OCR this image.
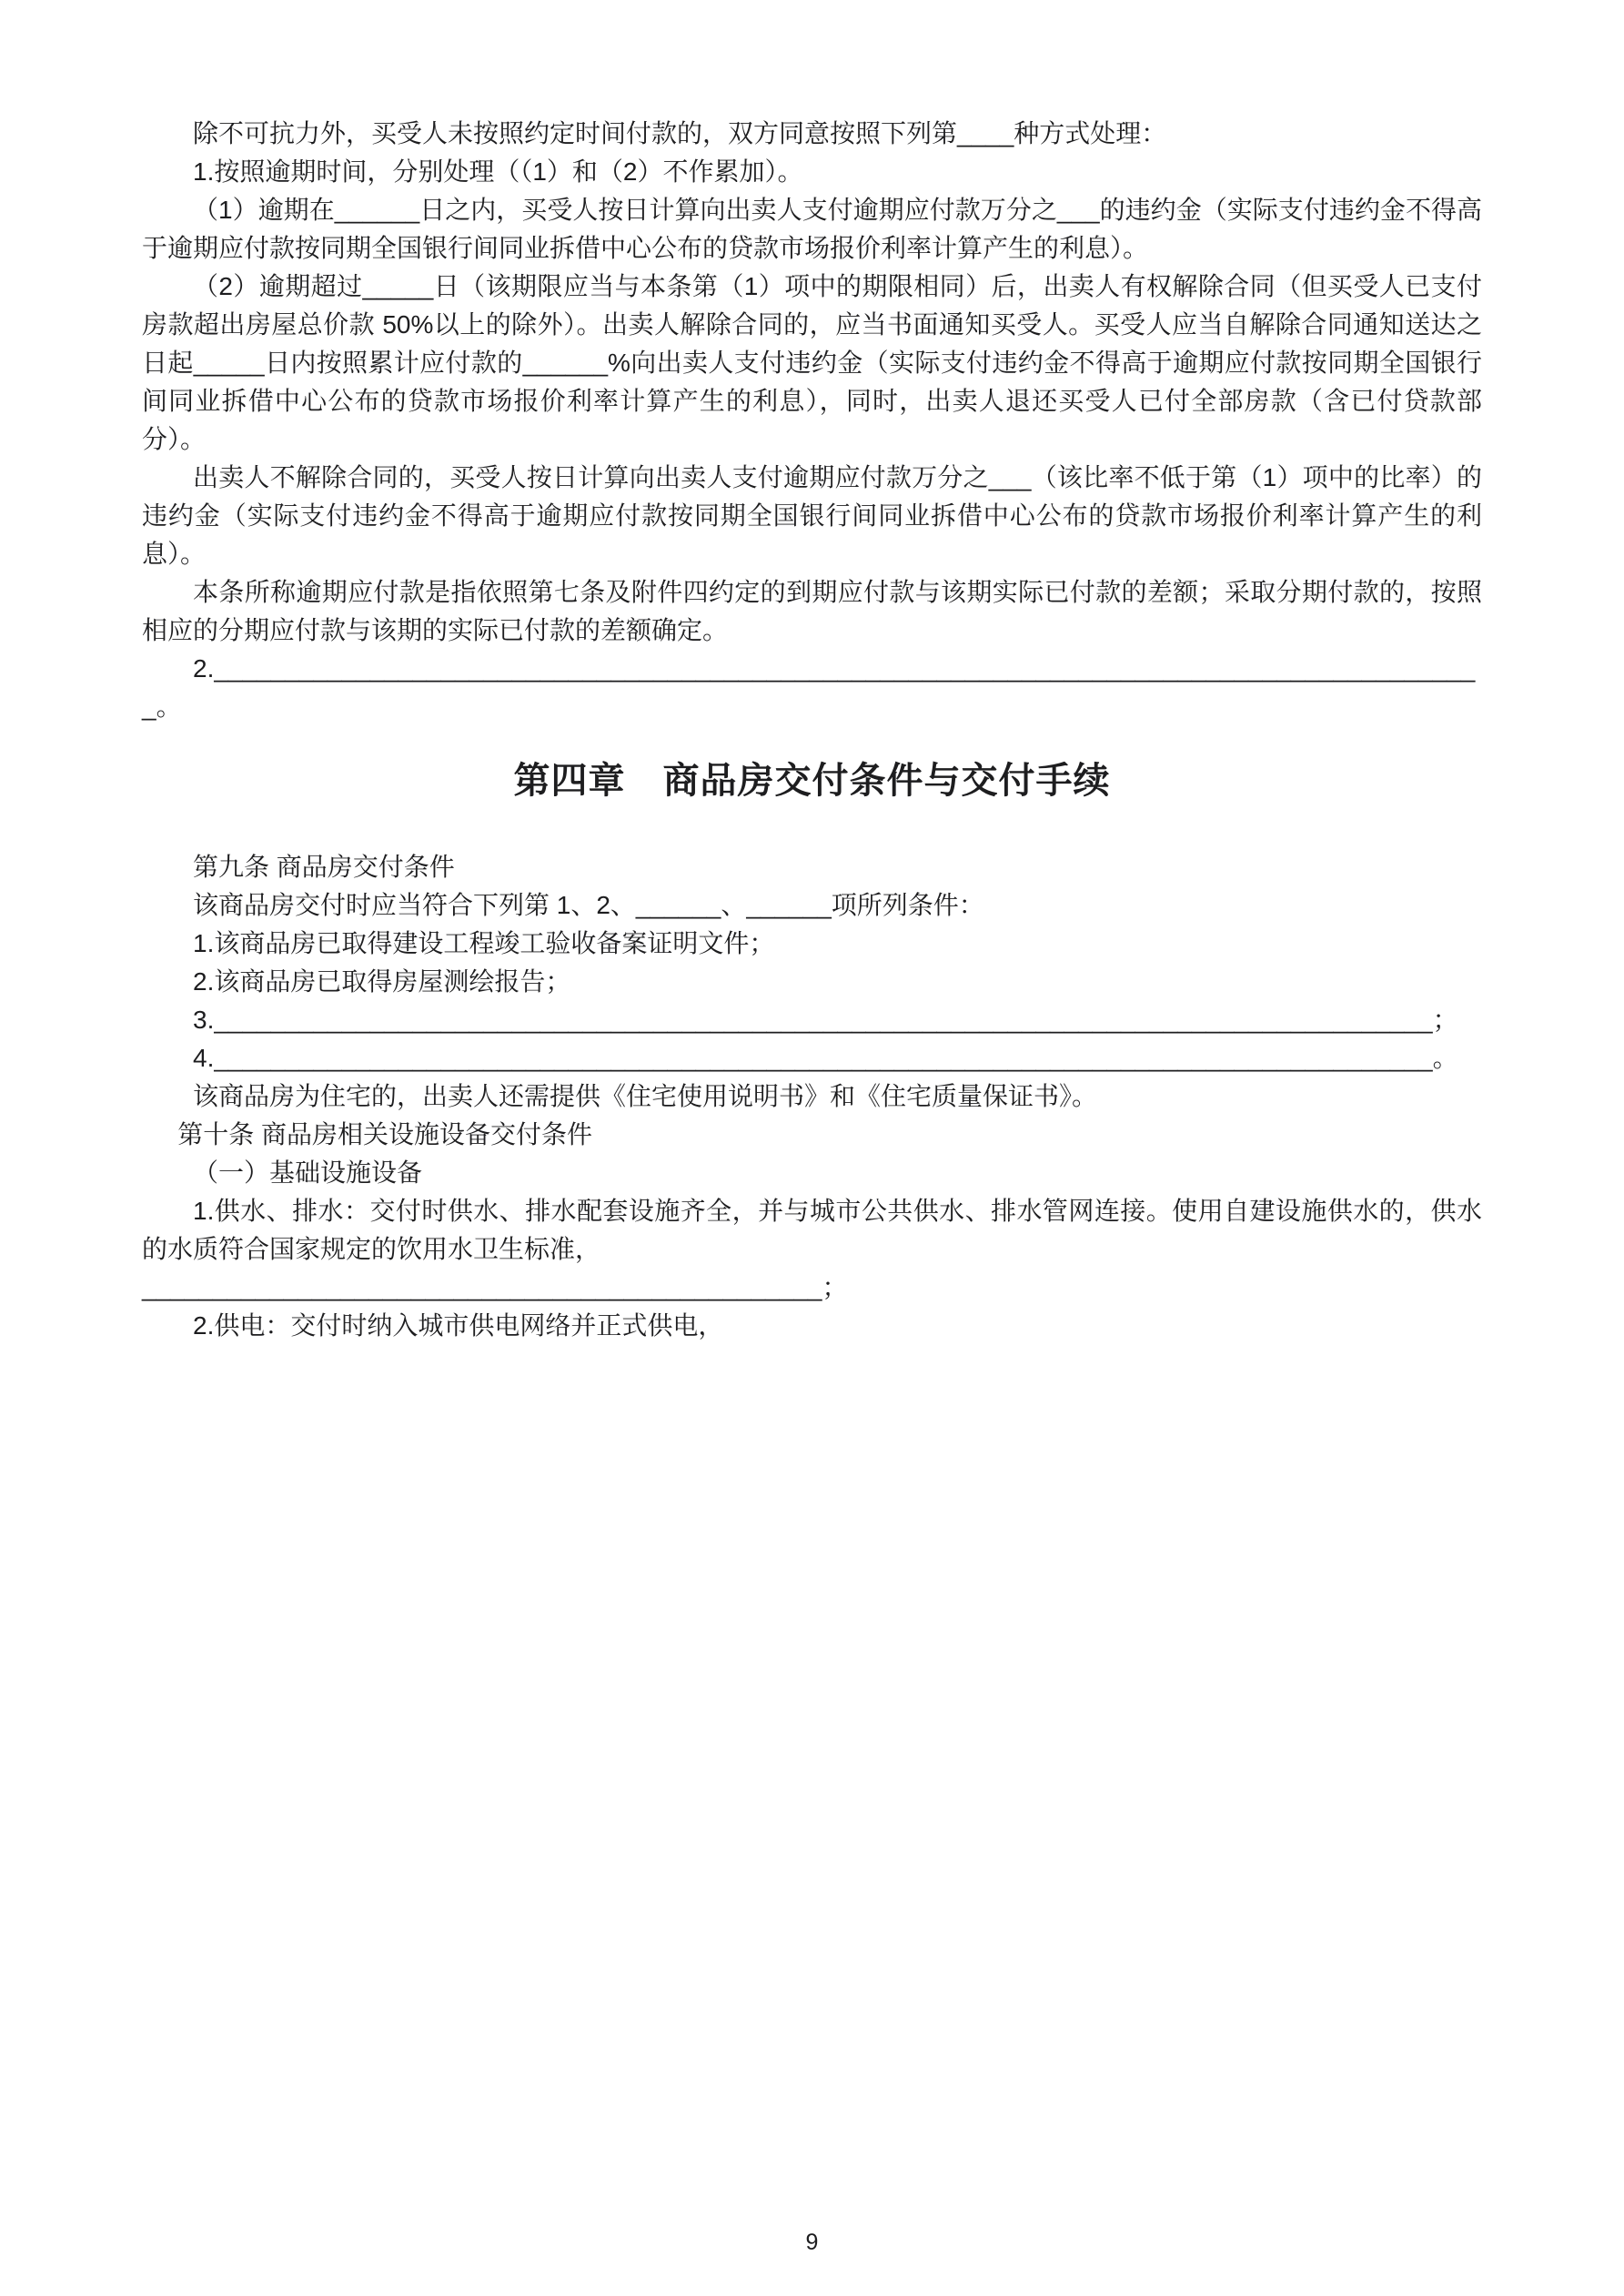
除不可抗力外，买受人未按照约定时间付款的，双方同意按照下列第____种方式处理：

1.按照逾期时间，分别处理（（1）和（2）不作累加）。

（1）逾期在______日之内，买受人按日计算向出卖人支付逾期应付款万分之___的违约金（实际支付违约金不得高于逾期应付款按同期全国银行间同业拆借中心公布的贷款市场报价利率计算产生的利息）。

（2）逾期超过_____日（该期限应当与本条第（1）项中的期限相同）后，出卖人有权解除合同（但买受人已支付房款超出房屋总价款 50%以上的除外）。出卖人解除合同的，应当书面通知买受人。买受人应当自解除合同通知送达之日起_____日内按照累计应付款的______%向出卖人支付违约金（实际支付违约金不得高于逾期应付款按同期全国银行间同业拆借中心公布的贷款市场报价利率计算产生的利息），同时，出卖人退还买受人已付全部房款（含已付贷款部分）。

出卖人不解除合同的，买受人按日计算向出卖人支付逾期应付款万分之___（该比率不低于第（1）项中的比率）的违约金（实际支付违约金不得高于逾期应付款按同期全国银行间同业拆借中心公布的贷款市场报价利率计算产生的利息）。

本条所称逾期应付款是指依照第七条及附件四约定的到期应付款与该期实际已付款的差额；采取分期付款的，按照相应的分期应付款与该期的实际已付款的差额确定。

2.__________________________________________________________________________________________。

第四章　商品房交付条件与交付手续

第九条 商品房交付条件

该商品房交付时应当符合下列第 1、2、______、______项所列条件：

1.该商品房已取得建设工程竣工验收备案证明文件；

2.该商品房已取得房屋测绘报告；

3.______________________________________________________________________________________；

4.______________________________________________________________________________________。

该商品房为住宅的，出卖人还需提供《住宅使用说明书》和《住宅质量保证书》。

第十条 商品房相关设施设备交付条件

（一）基础设施设备

1.供水、排水：交付时供水、排水配套设施齐全，并与城市公共供水、排水管网连接。使用自建设施供水的，供水的水质符合国家规定的饮用水卫生标准，

________________________________________________；

2.供电：交付时纳入城市供电网络并正式供电，

9
